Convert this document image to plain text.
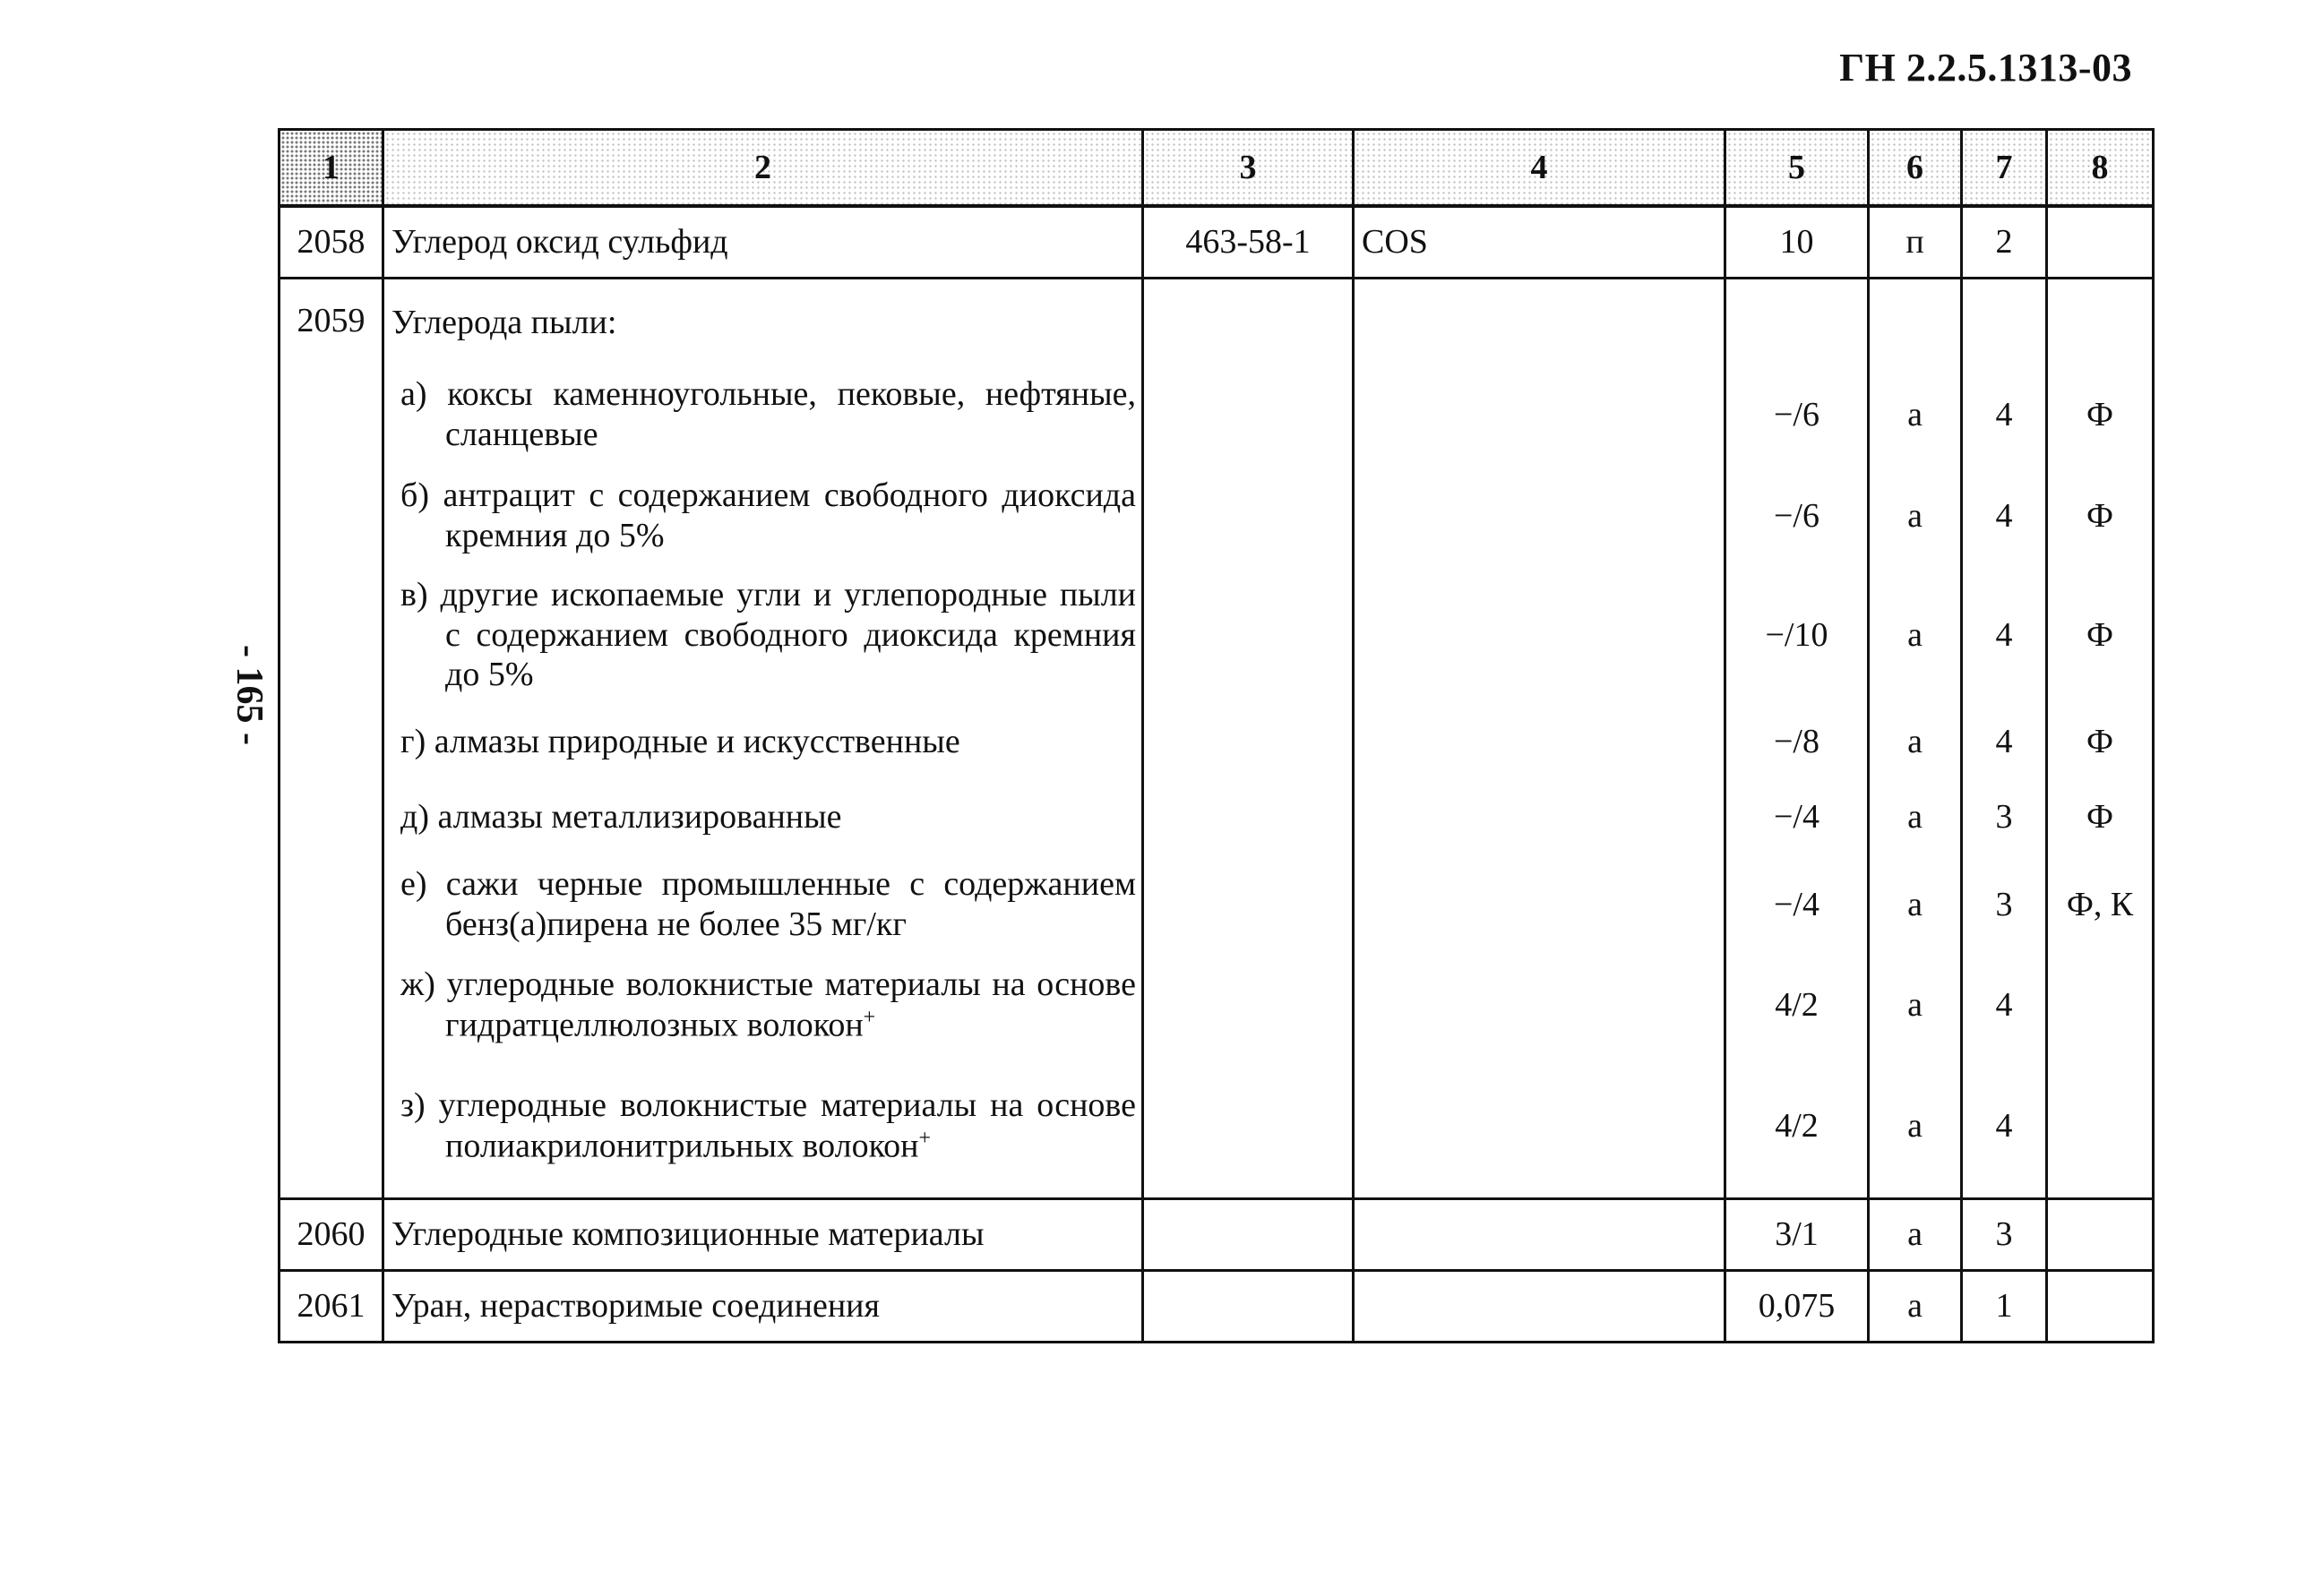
ГН 2.2.5.1313-03
- 165 -
1	2	3	4	5	6	7	8
2058	Углерод оксид сульфид	463-58-1	COS	10	п	2	
2059	Углерода пыли:						
	а) коксы каменноугольные, пековые, нефтяные, сланцевые			−/6	а	4	Ф
	б) антрацит с содержанием свободного диоксида кремния до 5%			−/6	а	4	Ф
	в) другие ископаемые угли и углепородные пыли с содержанием свободного диоксида кремния до 5%			−/10	а	4	Ф
	г) алмазы природные и искусственные			−/8	а	4	Ф
	д) алмазы металлизированные			−/4	а	3	Ф
	е) сажи черные промышленные с содержанием бенз(а)пирена не более 35 мг/кг			−/4	а	3	Ф, К
	ж) углеродные волокнистые материалы на основе гидратцеллюлозных волокон+			4/2	а	4	
	з) углеродные волокнистые материалы на основе полиакрилонитрильных волокон+			4/2	а	4	
2060	Углеродные композиционные материалы			3/1	а	3	
2061	Уран, нерастворимые соединения			0,075	а	1	
